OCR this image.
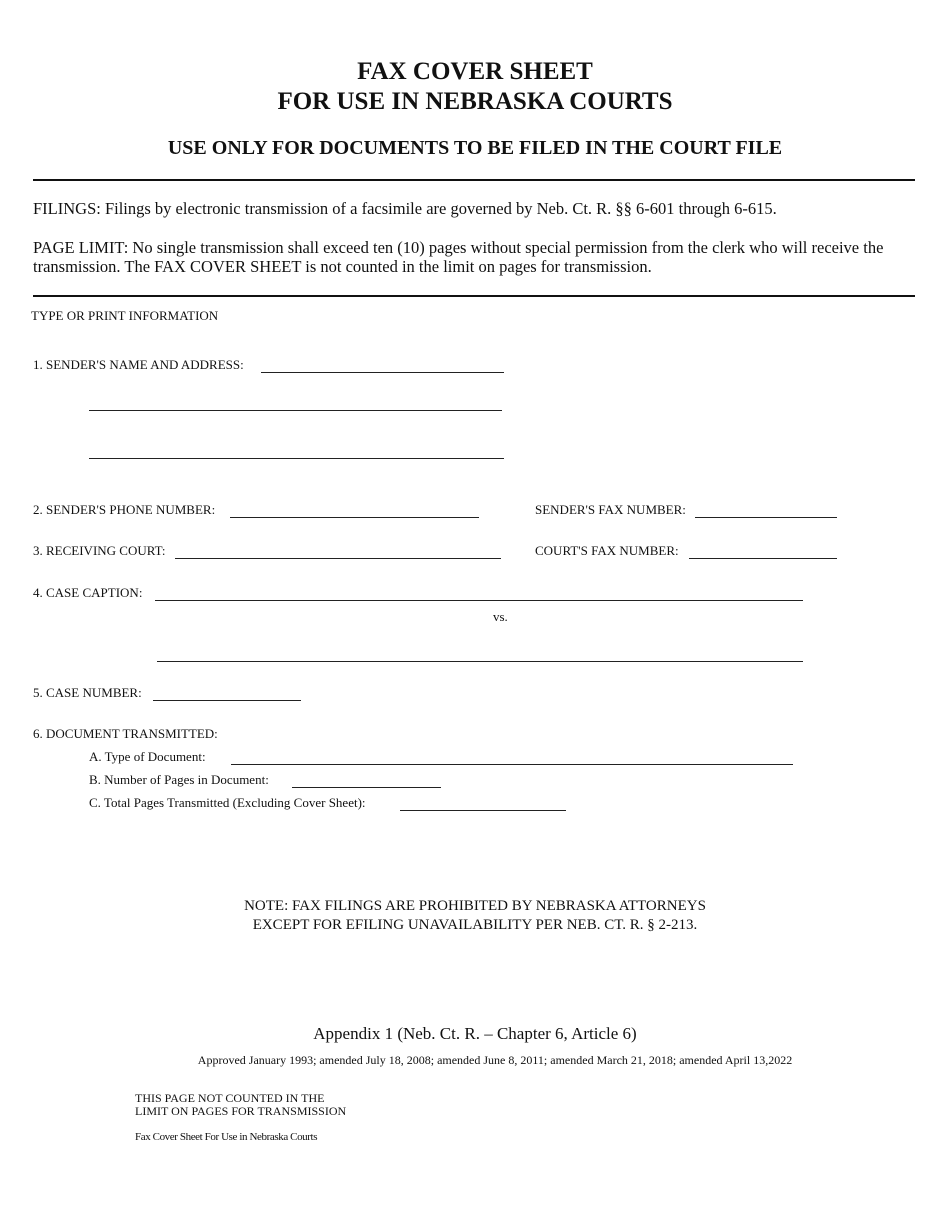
FAX COVER SHEET
FOR USE IN NEBRASKA COURTS
USE ONLY FOR DOCUMENTS TO BE FILED IN THE COURT FILE
FILINGS: Filings by electronic transmission of a facsimile are governed by Neb. Ct. R. §§ 6-601 through 6-615.
PAGE LIMIT: No single transmission shall exceed ten (10) pages without special permission from the clerk who will receive the transmission. The FAX COVER SHEET is not counted in the limit on pages for transmission.
TYPE OR PRINT INFORMATION
1. SENDER'S NAME AND ADDRESS:
2. SENDER'S PHONE NUMBER:	SENDER'S FAX NUMBER:
3. RECEIVING COURT:	COURT'S FAX NUMBER:
4. CASE CAPTION:
vs.
5. CASE NUMBER:
6. DOCUMENT TRANSMITTED:
A. Type of Document:
B. Number of Pages in Document:
C. Total Pages Transmitted (Excluding Cover Sheet):
NOTE: FAX FILINGS ARE PROHIBITED BY NEBRASKA ATTORNEYS
EXCEPT FOR EFILING UNAVAILABILITY PER NEB. CT. R. § 2-213.
Appendix 1 (Neb. Ct. R. – Chapter 6, Article 6)
Approved January 1993; amended July 18, 2008; amended June 8, 2011; amended March 21, 2018; amended April 13,2022
THIS PAGE NOT COUNTED IN THE
LIMIT ON PAGES FOR TRANSMISSION
Fax Cover Sheet For Use in Nebraska Courts
